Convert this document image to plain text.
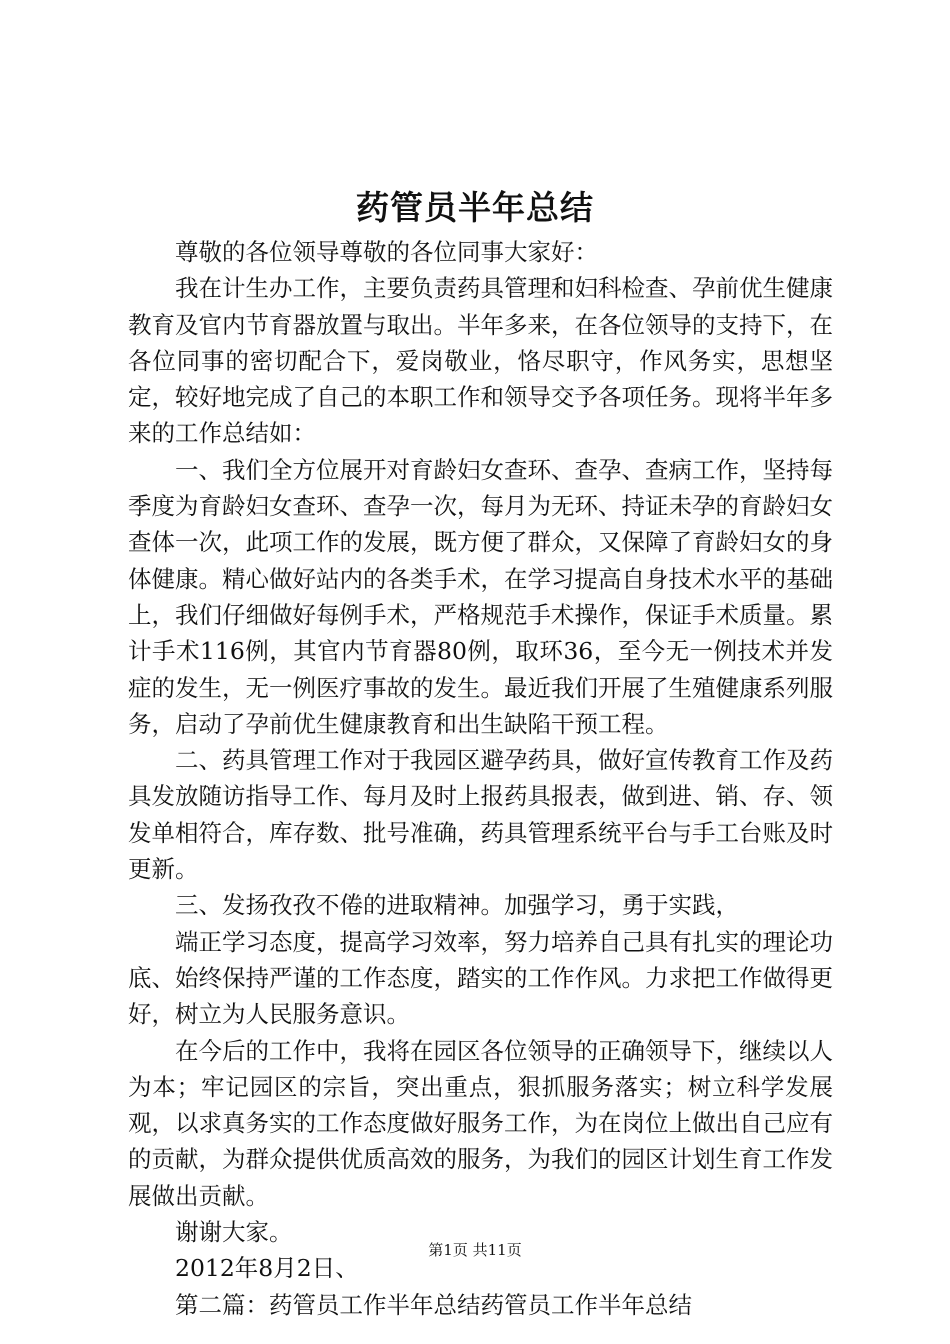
药管员半年总结

尊敬的各位领导尊敬的各位同事大家好：

我在计生办工作，主要负责药具管理和妇科检查、孕前优生健康教育及官内节育器放置与取出。半年多来，在各位领导的支持下，在各位同事的密切配合下，爱岗敬业，恪尽职守，作风务实，思想坚定，较好地完成了自己的本职工作和领导交予各项任务。现将半年多来的工作总结如：

一、我们全方位展开对育龄妇女查环、查孕、查病工作，坚持每季度为育龄妇女查环、查孕一次，每月为无环、持证未孕的育龄妇女查体一次，此项工作的发展，既方便了群众，又保障了育龄妇女的身体健康。精心做好站内的各类手术，在学习提高自身技术水平的基础上，我们仔细做好每例手术，严格规范手术操作，保证手术质量。累计手术116例，其官内节育器80例，取环36，至今无一例技术并发症的发生，无一例医疗事故的发生。最近我们开展了生殖健康系列服务，启动了孕前优生健康教育和出生缺陷干预工程。

二、药具管理工作对于我园区避孕药具，做好宣传教育工作及药具发放随访指导工作、每月及时上报药具报表，做到进、销、存、领发单相符合，库存数、批号准确，药具管理系统平台与手工台账及时更新。

三、发扬孜孜不倦的进取精神。加强学习，勇于实践，

端正学习态度，提高学习效率，努力培养自己具有扎实的理论功底、始终保持严谨的工作态度，踏实的工作作风。力求把工作做得更好，树立为人民服务意识。

在今后的工作中，我将在园区各位领导的正确领导下，继续以人为本；牢记园区的宗旨，突出重点，狠抓服务落实；树立科学发展观，以求真务实的工作态度做好服务工作，为在岗位上做出自己应有的贡献，为群众提供优质高效的服务，为我们的园区计划生育工作发展做出贡献。

谢谢大家。

2012年8月2日、

第二篇：药管员工作半年总结药管员工作半年总结

第1页 共11页
